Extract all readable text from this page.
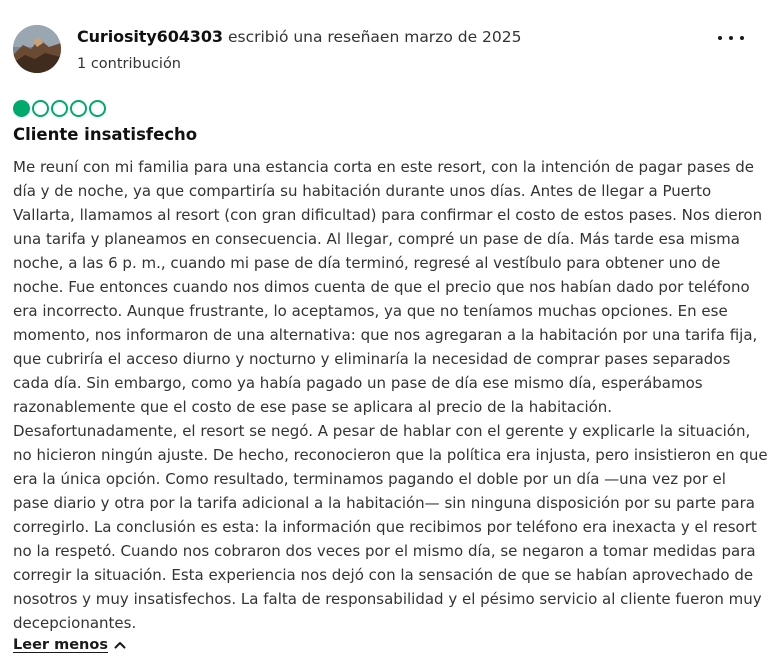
Curiosity604303 escribió una reseñaen marzo de 2025
1 contribución
Cliente insatisfecho
Me reuní con mi familia para una estancia corta en este resort, con la intención de pagar pases de
día y de noche, ya que compartiría su habitación durante unos días. Antes de llegar a Puerto
Vallarta, llamamos al resort (con gran dificultad) para confirmar el costo de estos pases. Nos dieron
una tarifa y planeamos en consecuencia. Al llegar, compré un pase de día. Más tarde esa misma
noche, a las 6 p. m., cuando mi pase de día terminó, regresé al vestíbulo para obtener uno de
noche. Fue entonces cuando nos dimos cuenta de que el precio que nos habían dado por teléfono
era incorrecto. Aunque frustrante, lo aceptamos, ya que no teníamos muchas opciones. En ese
momento, nos informaron de una alternativa: que nos agregaran a la habitación por una tarifa fija,
que cubriría el acceso diurno y nocturno y eliminaría la necesidad de comprar pases separados
cada día. Sin embargo, como ya había pagado un pase de día ese mismo día, esperábamos
razonablemente que el costo de ese pase se aplicara al precio de la habitación.
Desafortunadamente, el resort se negó. A pesar de hablar con el gerente y explicarle la situación,
no hicieron ningún ajuste. De hecho, reconocieron que la política era injusta, pero insistieron en que
era la única opción. Como resultado, terminamos pagando el doble por un día —una vez por el
pase diario y otra por la tarifa adicional a la habitación— sin ninguna disposición por su parte para
corregirlo. La conclusión es esta: la información que recibimos por teléfono era inexacta y el resort
no la respetó. Cuando nos cobraron dos veces por el mismo día, se negaron a tomar medidas para
corregir la situación. Esta experiencia nos dejó con la sensación de que se habían aprovechado de
nosotros y muy insatisfechos. La falta de responsabilidad y el pésimo servicio al cliente fueron muy
decepcionantes.
Leer menos
